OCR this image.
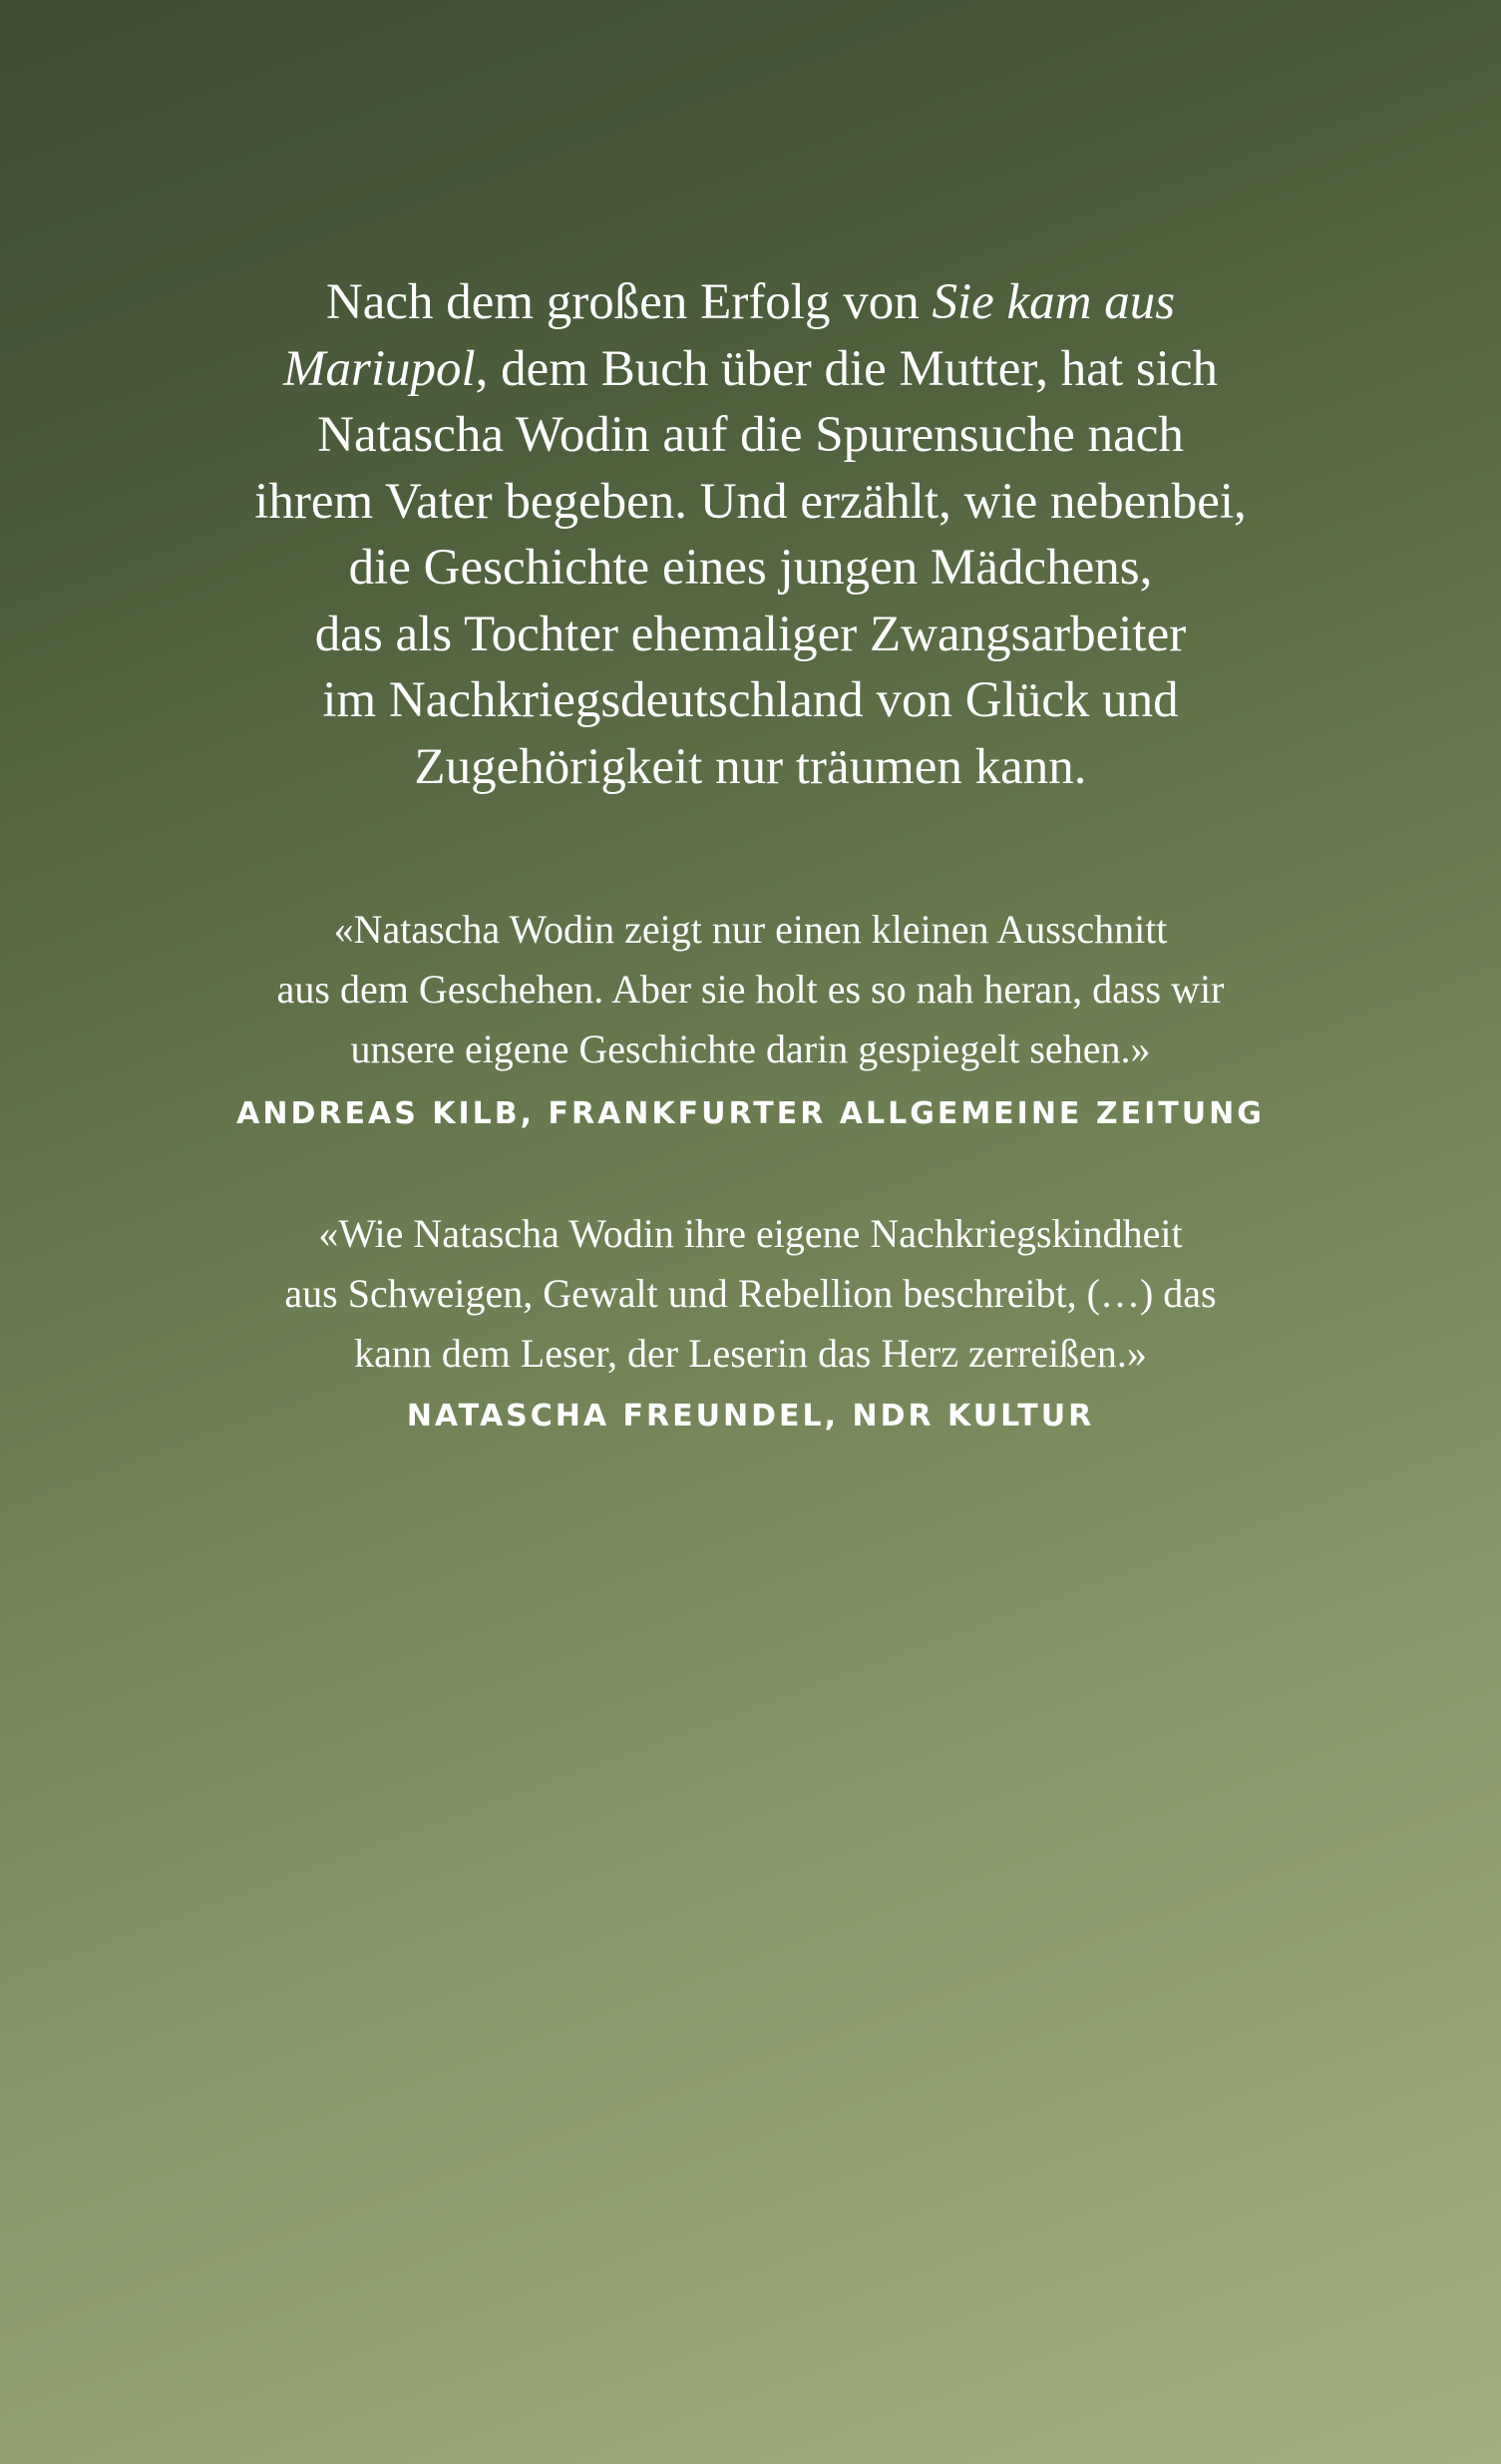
Nach dem großen Erfolg von Sie kam aus
Mariupol, dem Buch über die Mutter, hat sich
Natascha Wodin auf die Spurensuche nach
ihrem Vater begeben. Und erzählt, wie nebenbei,
die Geschichte eines jungen Mädchens,
das als Tochter ehemaliger Zwangsarbeiter
im Nachkriegsdeutschland von Glück und
Zugehörigkeit nur träumen kann.

«Natascha Wodin zeigt nur einen kleinen Ausschnitt
aus dem Geschehen. Aber sie holt es so nah heran, dass wir
unsere eigene Geschichte darin gespiegelt sehen.»

ANDREAS KILB, FRANKFURTER ALLGEMEINE ZEITUNG

«Wie Natascha Wodin ihre eigene Nachkriegskindheit
aus Schweigen, Gewalt und Rebellion beschreibt, (…) das
kann dem Leser, der Leserin das Herz zerreißen.»

NATASCHA FREUNDEL, NDR KULTUR
